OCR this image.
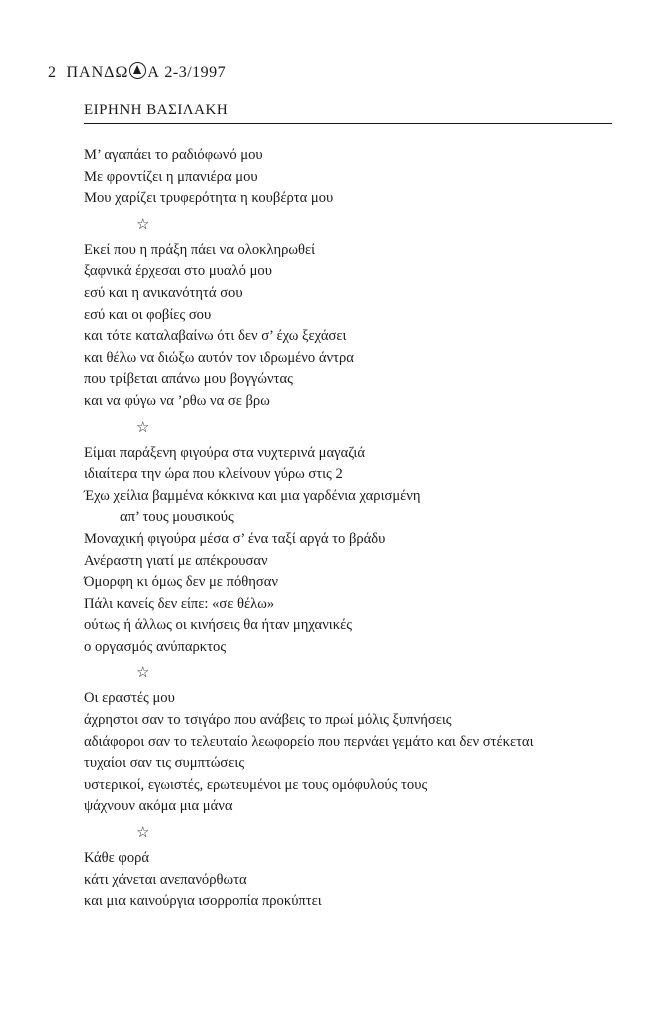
2 ΠΑΝΔΩ Α 2-3/1997
ΕΙΡΗΝΗ ΒΑΣΙΛΑΚΗ
Μ’ αγαπάει το ραδιόφωνό μου
Με φροντίζει η μπανιέρα μου
Μου χαρίζει τρυφερότητα η κουβέρτα μου
☆
Εκεί που η πράξη πάει να ολοκληρωθεί
ξαφνικά έρχεσαι στο μυαλό μου
εσύ και η ανικανότητά σου
εσύ και οι φοβίες σου
και τότε καταλαβαίνω ότι δεν σ’ έχω ξεχάσει
και θέλω να διώξω αυτόν τον ιδρωμένο άντρα
που τρίβεται απάνω μου βογγώντας
και να φύγω να ’ρθω να σε βρω
☆
Είμαι παράξενη φιγούρα στα νυχτερινά μαγαζιά
ιδιαίτερα την ώρα που κλείνουν γύρω στις 2
Έχω χείλια βαμμένα κόκκινα και μια γαρδένια χαρισμένη
απ’ τους μουσικούς
Μοναχική φιγούρα μέσα σ’ ένα ταξί αργά το βράδυ
Ανέραστη γιατί με απέκρουσαν
Όμορφη κι όμως δεν με πόθησαν
Πάλι κανείς δεν είπε: «σε θέλω»
ούτως ή άλλως οι κινήσεις θα ήταν μηχανικές
ο οργασμός ανύπαρκτος
☆
Οι εραστές μου
άχρηστοι σαν το τσιγάρο που ανάβεις το πρωί μόλις ξυπνήσεις
αδιάφοροι σαν το τελευταίο λεωφορείο που περνάει γεμάτο και δεν στέκεται
τυχαίοι σαν τις συμπτώσεις
υστερικοί, εγωιστές, ερωτευμένοι με τους ομόφυλούς τους
ψάχνουν ακόμα μια μάνα
☆
Κάθε φορά
κάτι χάνεται ανεπανόρθωτα
και μια καινούργια ισορροπία προκύπτει
